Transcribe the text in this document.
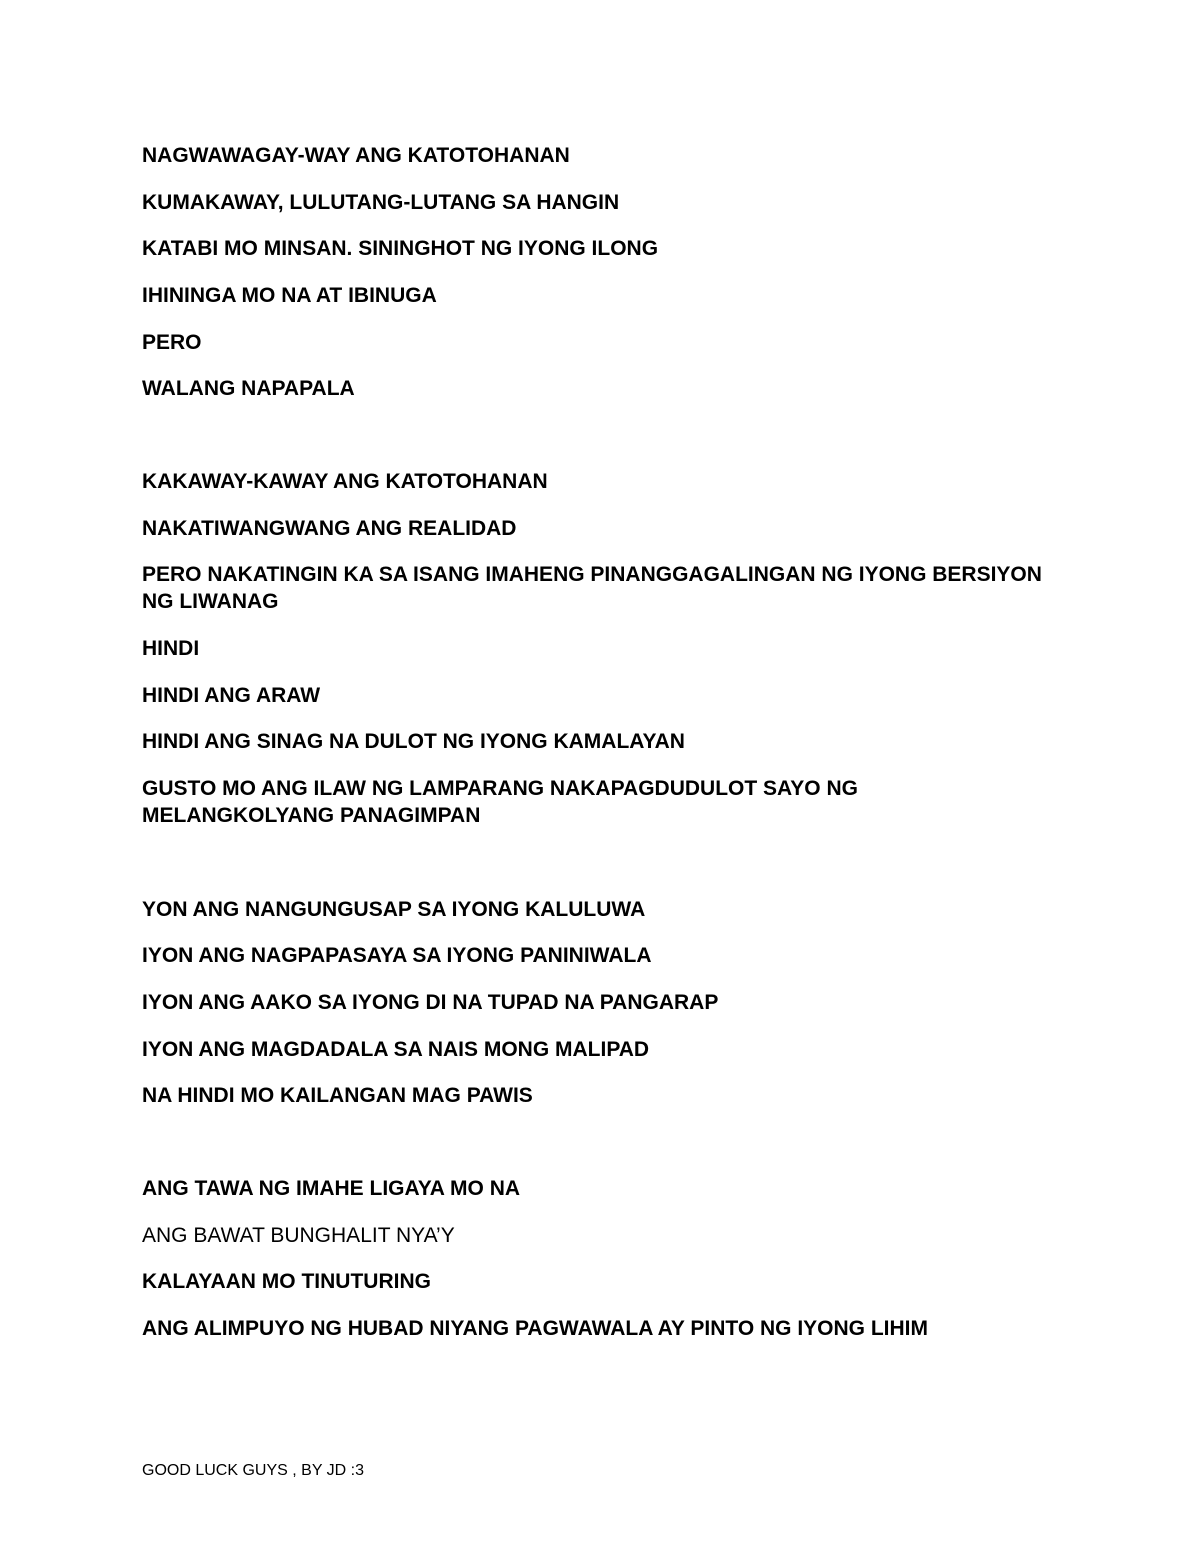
NAGWAWAGAY-WAY ANG KATOTOHANAN

KUMAKAWAY, LULUTANG-LUTANG SA HANGIN

KATABI MO MINSAN. SININGHOT NG IYONG ILONG

IHININGA MO NA AT IBINUGA

PERO

WALANG NAPAPALA

KAKAWAY-KAWAY ANG KATOTOHANAN

NAKATIWANGWANG ANG REALIDAD

PERO NAKATINGIN KA SA ISANG IMAHENG PINANGGAGALINGAN NG IYONG BERSIYON NG LIWANAG

HINDI

HINDI ANG ARAW

HINDI ANG SINAG NA DULOT NG IYONG KAMALAYAN

GUSTO MO ANG ILAW NG LAMPARANG NAKAPAGDUDULOT SAYO NG MELANGKOLYANG PANAGIMPAN

YON ANG NANGUNGUSAP SA IYONG KALULUWA

IYON ANG NAGPAPASAYA SA IYONG PANINIWALA

IYON ANG AAKO SA IYONG DI NA TUPAD NA PANGARAP

IYON ANG MAGDADALA SA NAIS MONG MALIPAD

NA HINDI MO KAILANGAN MAG PAWIS

ANG TAWA NG IMAHE LIGAYA MO NA

ANG BAWAT BUNGHALIT NYA’Y

KALAYAAN MO TINUTURING

ANG ALIMPUYO NG HUBAD NIYANG PAGWAWALA AY PINTO NG IYONG LIHIM

GOOD LUCK GUYS , BY JD :3
